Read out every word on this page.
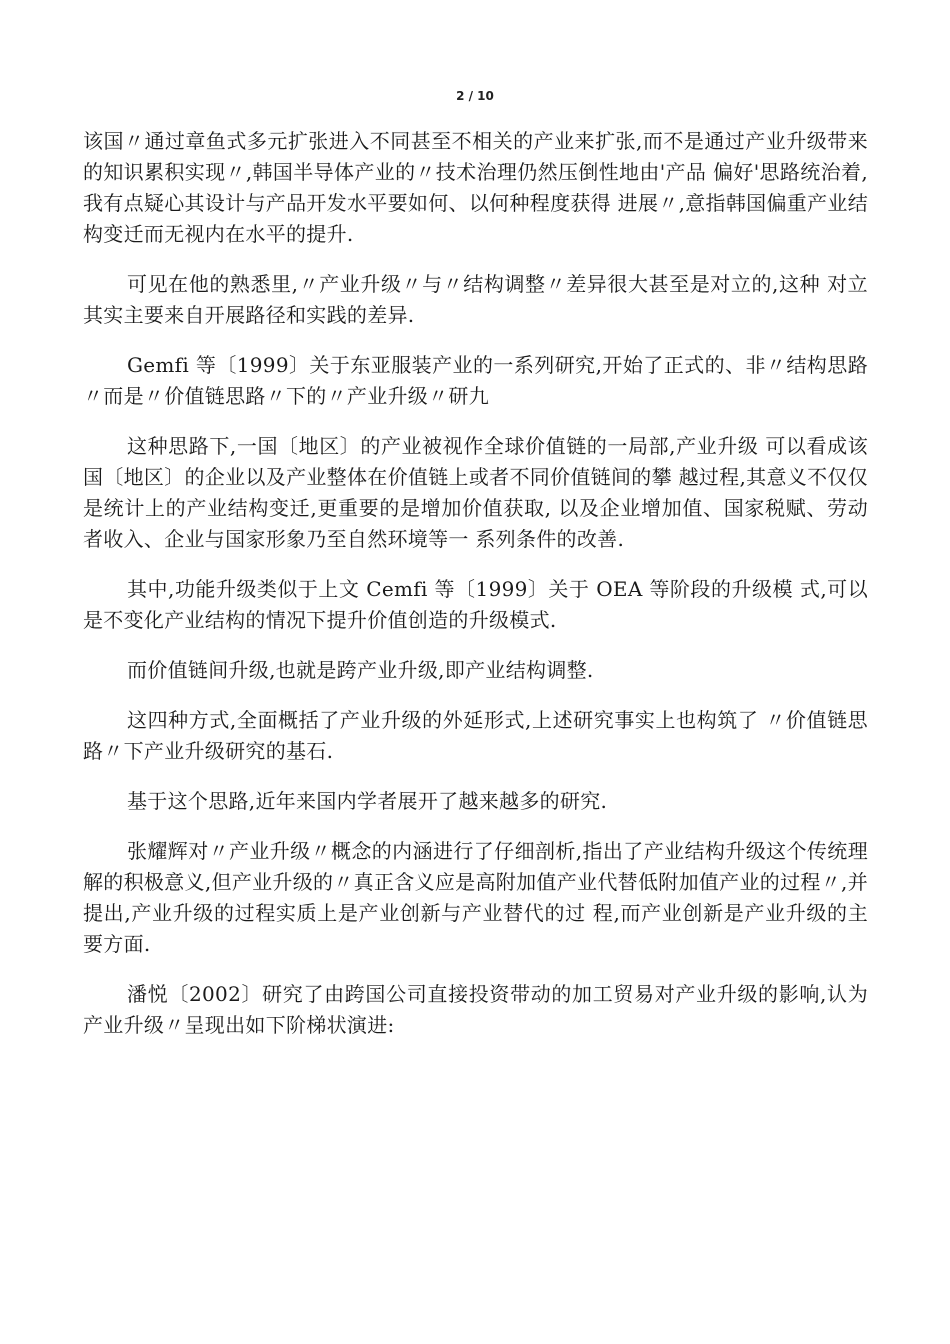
2 / 10

该国〃通过章鱼式多元扩张进入不同甚至不相关的产业来扩张,而不是通过产业升级带来的知识累积实现〃,韩国半导体产业的〃技术治理仍然压倒性地由'产品 偏好'思路统治着,我有点疑心其设计与产品开发水平要如何、以何种程度获得 进展〃,意指韩国偏重产业结构变迁而无视内在水平的提升.

可见在他的熟悉里,〃产业升级〃与〃结构调整〃差异很大甚至是对立的,这种 对立其实主要来自开展路径和实践的差异.

Gemfi 等〔1999〕关于东亚服装产业的一系列研究,开始了正式的、非〃结构思路〃而是〃价值链思路〃下的〃产业升级〃研九

这种思路下,一国〔地区〕的产业被视作全球价值链的一局部,产业升级 可以看成该国〔地区〕的企业以及产业整体在价值链上或者不同价值链间的攀 越过程,其意义不仅仅是统计上的产业结构变迁,更重要的是增加价值获取, 以及企业增加值、国家税赋、劳动者收入、企业与国家形象乃至自然环境等一 系列条件的改善.

其中,功能升级类似于上文 Cemfi 等〔1999〕关于 OEA 等阶段的升级模 式,可以是不变化产业结构的情况下提升价值创造的升级模式.

而价值链间升级,也就是跨产业升级,即产业结构调整.

这四种方式,全面概括了产业升级的外延形式,上述研究事实上也构筑了 〃价值链思路〃下产业升级研究的基石.

基于这个思路,近年来国内学者展开了越来越多的研究.

张耀辉对〃产业升级〃概念的内涵进行了仔细剖析,指出了产业结构升级这个传统理解的积极意义,但产业升级的〃真正含义应是高附加值产业代替低附加值产业的过程〃,并提出,产业升级的过程实质上是产业创新与产业替代的过 程,而产业创新是产业升级的主要方面.

潘悦〔2002〕研究了由跨国公司直接投资带动的加工贸易对产业升级的影响,认为产业升级〃呈现出如下阶梯状演进:
